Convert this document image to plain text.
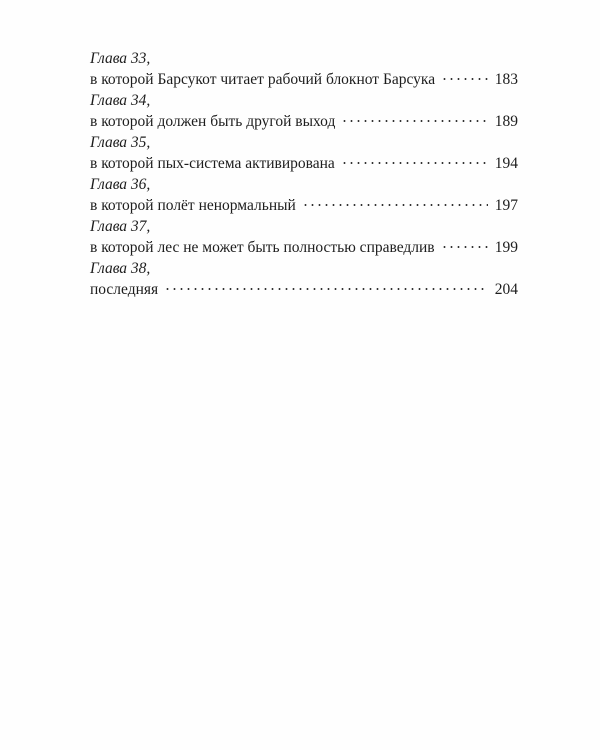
Глава 33,
в которой Барсукот читает рабочий блокнот Барсука	183
Глава 34,
в которой должен быть другой выход	189
Глава 35,
в которой пых-система активирована	194
Глава 36,
в которой полёт ненормальный	197
Глава 37,
в которой лес не может быть полностью справедлив	199
Глава 38,
последняя	204
